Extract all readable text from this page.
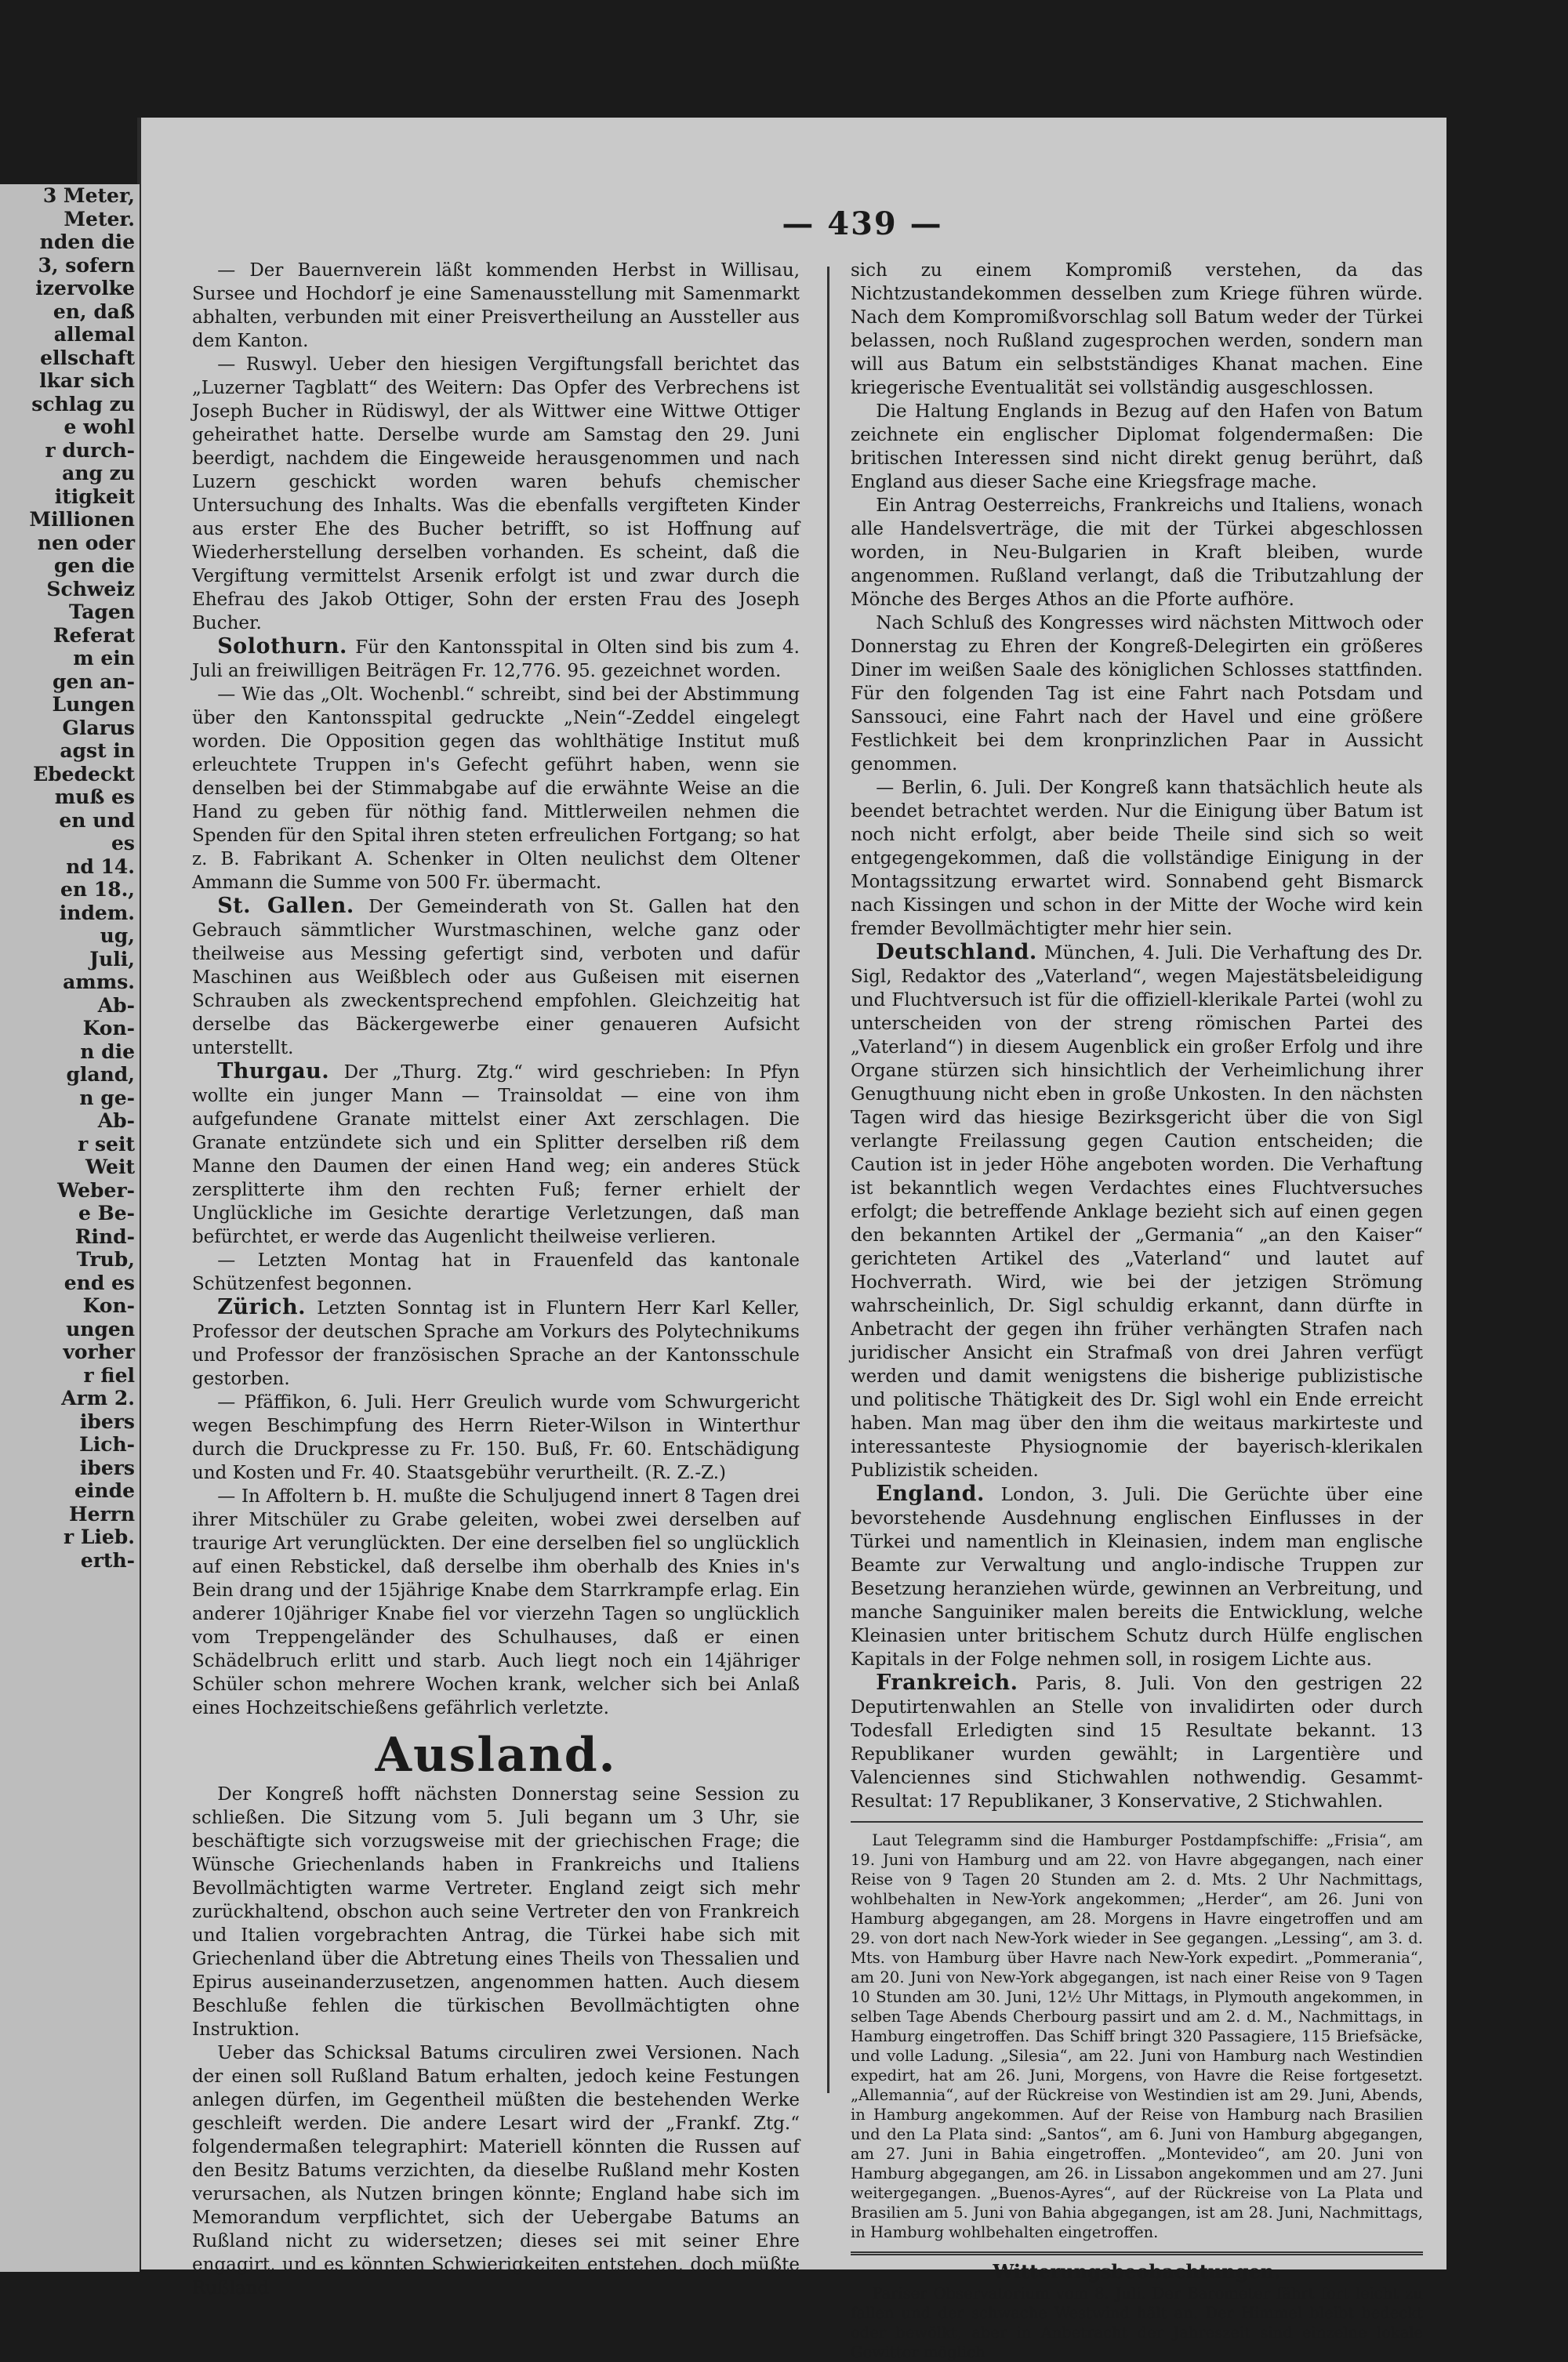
3 Meter,
Meter.
nden die
3, sofern
izervolke
en, daß
allemal
ellschaft
lkar sich
schlag zu
e wohl
r durch-
ang zu
itigkeit
Millionen
nen oder
gen die
Schweiz
Tagen
Referat
m ein
gen an-
Lungen
Glarus
agst in
Ebedeckt
muß es
en und
es
nd 14.
en 18.,
indem.
ug,
Juli,
amms.
Ab-
Kon-
n die
gland,
n ge-
Ab-
r seit
Weit
Weber-
e Be-
Rind-
Trub,
end es
Kon-
ungen
vorher
r fiel
Arm 2.
ibers
Lich-
ibers
einde
Herrn
r Lieb.
erth-
— 439 —

— Der Bauernverein läßt kommenden Herbst in Willisau, Sursee und Hochdorf je eine Samenausstellung mit Samenmarkt abhalten, verbunden mit einer Preisvertheilung an Aussteller aus dem Kanton.

— Ruswyl. Ueber den hiesigen Vergiftungsfall berichtet das „Luzerner Tagblatt“ des Weitern: Das Opfer des Verbrechens ist Joseph Bucher in Rüdiswyl, der als Wittwer eine Wittwe Ottiger geheirathet hatte. Derselbe wurde am Samstag den 29. Juni beerdigt, nachdem die Eingeweide herausgenommen und nach Luzern geschickt worden waren behufs chemischer Untersuchung des Inhalts. Was die ebenfalls vergifteten Kinder aus erster Ehe des Bucher betrifft, so ist Hoffnung auf Wiederherstellung derselben vorhanden. Es scheint, daß die Vergiftung vermittelst Arsenik erfolgt ist und zwar durch die Ehefrau des Jakob Ottiger, Sohn der ersten Frau des Joseph Bucher.

Solothurn. Für den Kantonsspital in Olten sind bis zum 4. Juli an freiwilligen Beiträgen Fr. 12,776. 95. gezeichnet worden.

— Wie das „Olt. Wochenbl.“ schreibt, sind bei der Abstimmung über den Kantonsspital gedruckte „Nein“-Zeddel eingelegt worden. Die Opposition gegen das wohlthätige Institut muß erleuchtete Truppen in's Gefecht geführt haben, wenn sie denselben bei der Stimmabgabe auf die erwähnte Weise an die Hand zu geben für nöthig fand. Mittlerweilen nehmen die Spenden für den Spital ihren steten erfreulichen Fortgang; so hat z. B. Fabrikant A. Schenker in Olten neulichst dem Oltener Ammann die Summe von 500 Fr. übermacht.

St. Gallen. Der Gemeinderath von St. Gallen hat den Gebrauch sämmtlicher Wurstmaschinen, welche ganz oder theilweise aus Messing gefertigt sind, verboten und dafür Maschinen aus Weißblech oder aus Gußeisen mit eisernen Schrauben als zweckentsprechend empfohlen. Gleichzeitig hat derselbe das Bäckergewerbe einer genaueren Aufsicht unterstellt.

Thurgau. Der „Thurg. Ztg.“ wird geschrieben: In Pfyn wollte ein junger Mann — Trainsoldat — eine von ihm aufgefundene Granate mittelst einer Axt zerschlagen. Die Granate entzündete sich und ein Splitter derselben riß dem Manne den Daumen der einen Hand weg; ein anderes Stück zersplitterte ihm den rechten Fuß; ferner erhielt der Unglückliche im Gesichte derartige Verletzungen, daß man befürchtet, er werde das Augenlicht theilweise verlieren.

— Letzten Montag hat in Frauenfeld das kantonale Schützenfest begonnen.

Zürich. Letzten Sonntag ist in Fluntern Herr Karl Keller, Professor der deutschen Sprache am Vorkurs des Polytechnikums und Professor der französischen Sprache an der Kantonsschule gestorben.

— Pfäffikon, 6. Juli. Herr Greulich wurde vom Schwurgericht wegen Beschimpfung des Herrn Rieter-Wilson in Winterthur durch die Druckpresse zu Fr. 150. Buß, Fr. 60. Entschädigung und Kosten und Fr. 40. Staatsgebühr verurtheilt. (R. Z.-Z.)

— In Affoltern b. H. mußte die Schuljugend innert 8 Tagen drei ihrer Mitschüler zu Grabe geleiten, wobei zwei derselben auf traurige Art verunglückten. Der eine derselben fiel so unglücklich auf einen Rebstickel, daß derselbe ihm oberhalb des Knies in's Bein drang und der 15jährige Knabe dem Starrkrampfe erlag. Ein anderer 10jähriger Knabe fiel vor vierzehn Tagen so unglücklich vom Treppengeländer des Schulhauses, daß er einen Schädelbruch erlitt und starb. Auch liegt noch ein 14jähriger Schüler schon mehrere Wochen krank, welcher sich bei Anlaß eines Hochzeitschießens gefährlich verletzte.

Ausland.

Der Kongreß hofft nächsten Donnerstag seine Session zu schließen. Die Sitzung vom 5. Juli begann um 3 Uhr, sie beschäftigte sich vorzugsweise mit der griechischen Frage; die Wünsche Griechenlands haben in Frankreichs und Italiens Bevollmächtigten warme Vertreter. England zeigt sich mehr zurückhaltend, obschon auch seine Vertreter den von Frankreich und Italien vorgebrachten Antrag, die Türkei habe sich mit Griechenland über die Abtretung eines Theils von Thessalien und Epirus auseinanderzusetzen, angenommen hatten. Auch diesem Beschluße fehlen die türkischen Bevollmächtigten ohne Instruktion.

Ueber das Schicksal Batums circuliren zwei Versionen. Nach der einen soll Rußland Batum erhalten, jedoch keine Festungen anlegen dürfen, im Gegentheil müßten die bestehenden Werke geschleift werden. Die andere Lesart wird der „Frankf. Ztg.“ folgendermaßen telegraphirt: Materiell könnten die Russen auf den Besitz Batums verzichten, da dieselbe Rußland mehr Kosten verursachen, als Nutzen bringen könnte; England habe sich im Memorandum verpflichtet, sich der Uebergabe Batums an Rußland nicht zu widersetzen; dieses sei mit seiner Ehre engagirt, und es könnten Schwierigkeiten entstehen, doch müßte Rußland

sich zu einem Kompromiß verstehen, da das Nichtzustandekommen desselben zum Kriege führen würde. Nach dem Kompromißvorschlag soll Batum weder der Türkei belassen, noch Rußland zugesprochen werden, sondern man will aus Batum ein selbstständiges Khanat machen. Eine kriegerische Eventualität sei vollständig ausgeschlossen.

Die Haltung Englands in Bezug auf den Hafen von Batum zeichnete ein englischer Diplomat folgendermaßen: Die britischen Interessen sind nicht direkt genug berührt, daß England aus dieser Sache eine Kriegsfrage mache.

Ein Antrag Oesterreichs, Frankreichs und Italiens, wonach alle Handelsverträge, die mit der Türkei abgeschlossen worden, in Neu-Bulgarien in Kraft bleiben, wurde angenommen. Rußland verlangt, daß die Tributzahlung der Mönche des Berges Athos an die Pforte aufhöre.

Nach Schluß des Kongresses wird nächsten Mittwoch oder Donnerstag zu Ehren der Kongreß-Delegirten ein größeres Diner im weißen Saale des königlichen Schlosses stattfinden. Für den folgenden Tag ist eine Fahrt nach Potsdam und Sanssouci, eine Fahrt nach der Havel und eine größere Festlichkeit bei dem kronprinzlichen Paar in Aussicht genommen.

— Berlin, 6. Juli. Der Kongreß kann thatsächlich heute als beendet betrachtet werden. Nur die Einigung über Batum ist noch nicht erfolgt, aber beide Theile sind sich so weit entgegengekommen, daß die vollständige Einigung in der Montagssitzung erwartet wird. Sonnabend geht Bismarck nach Kissingen und schon in der Mitte der Woche wird kein fremder Bevollmächtigter mehr hier sein.

Deutschland. München, 4. Juli. Die Verhaftung des Dr. Sigl, Redaktor des „Vaterland“, wegen Majestätsbeleidigung und Fluchtversuch ist für die offiziell-klerikale Partei (wohl zu unterscheiden von der streng römischen Partei des „Vaterland“) in diesem Augenblick ein großer Erfolg und ihre Organe stürzen sich hinsichtlich der Verheimlichung ihrer Genugthuung nicht eben in große Unkosten. In den nächsten Tagen wird das hiesige Bezirksgericht über die von Sigl verlangte Freilassung gegen Caution entscheiden; die Caution ist in jeder Höhe angeboten worden. Die Verhaftung ist bekanntlich wegen Verdachtes eines Fluchtversuches erfolgt; die betreffende Anklage bezieht sich auf einen gegen den bekannten Artikel der „Germania“ „an den Kaiser“ gerichteten Artikel des „Vaterland“ und lautet auf Hochverrath. Wird, wie bei der jetzigen Strömung wahrscheinlich, Dr. Sigl schuldig erkannt, dann dürfte in Anbetracht der gegen ihn früher verhängten Strafen nach juridischer Ansicht ein Strafmaß von drei Jahren verfügt werden und damit wenigstens die bisherige publizistische und politische Thätigkeit des Dr. Sigl wohl ein Ende erreicht haben. Man mag über den ihm die weitaus markirteste und interessanteste Physiognomie der bayerisch-klerikalen Publizistik scheiden.

England. London, 3. Juli. Die Gerüchte über eine bevorstehende Ausdehnung englischen Einflusses in der Türkei und namentlich in Kleinasien, indem man englische Beamte zur Verwaltung und anglo-indische Truppen zur Besetzung heranziehen würde, gewinnen an Verbreitung, und manche Sanguiniker malen bereits die Entwicklung, welche Kleinasien unter britischem Schutz durch Hülfe englischen Kapitals in der Folge nehmen soll, in rosigem Lichte aus.

Frankreich. Paris, 8. Juli. Von den gestrigen 22 Deputirtenwahlen an Stelle von invalidirten oder durch Todesfall Erledigten sind 15 Resultate bekannt. 13 Republikaner wurden gewählt; in Largentière und Valenciennes sind Stichwahlen nothwendig. Gesammt-Resultat: 17 Republikaner, 3 Konservative, 2 Stichwahlen.

Laut Telegramm sind die Hamburger Postdampfschiffe: „Frisia“, am 19. Juni von Hamburg und am 22. von Havre abgegangen, nach einer Reise von 9 Tagen 20 Stunden am 2. d. Mts. 2 Uhr Nachmittags, wohlbehalten in New-York angekommen; „Herder“, am 26. Juni von Hamburg abgegangen, am 28. Morgens in Havre eingetroffen und am 29. von dort nach New-York wieder in See gegangen. „Lessing“, am 3. d. Mts. von Hamburg über Havre nach New-York expedirt. „Pommerania“, am 20. Juni von New-York abgegangen, ist nach einer Reise von 9 Tagen 10 Stunden am 30. Juni, 12½ Uhr Mittags, in Plymouth angekommen, in selben Tage Abends Cherbourg passirt und am 2. d. M., Nachmittags, in Hamburg eingetroffen. Das Schiff bringt 320 Passagiere, 115 Briefsäcke, und volle Ladung. „Silesia“, am 22. Juni von Hamburg nach Westindien expedirt, hat am 26. Juni, Morgens, von Havre die Reise fortgesetzt. „Allemannia“, auf der Rückreise von Westindien ist am 29. Juni, Abends, in Hamburg angekommen. Auf der Reise von Hamburg nach Brasilien und den La Plata sind: „Santos“, am 6. Juni von Hamburg abgegangen, am 27. Juni in Bahia eingetroffen. „Montevideo“, am 20. Juni von Hamburg abgegangen, am 26. in Lissabon angekommen und am 27. Juni weitergegangen. „Buenos-Ayres“, auf der Rückreise von La Plata und Brasilien am 5. Juni von Bahia abgegangen, ist am 28. Juni, Nachmittags, in Hamburg wohlbehalten eingetroffen.

Witterungsbeobachtungen.

Pariser Observatorium vom 8. Juli. Der Barometer fährt fort leicht zu fallen und der schwache Westwind hält an. Der Himmel bleibt bedeckt oder bewölkt, aber in Anbetracht der Jahreszeit sind einzelne lokale Gewitter möglich
